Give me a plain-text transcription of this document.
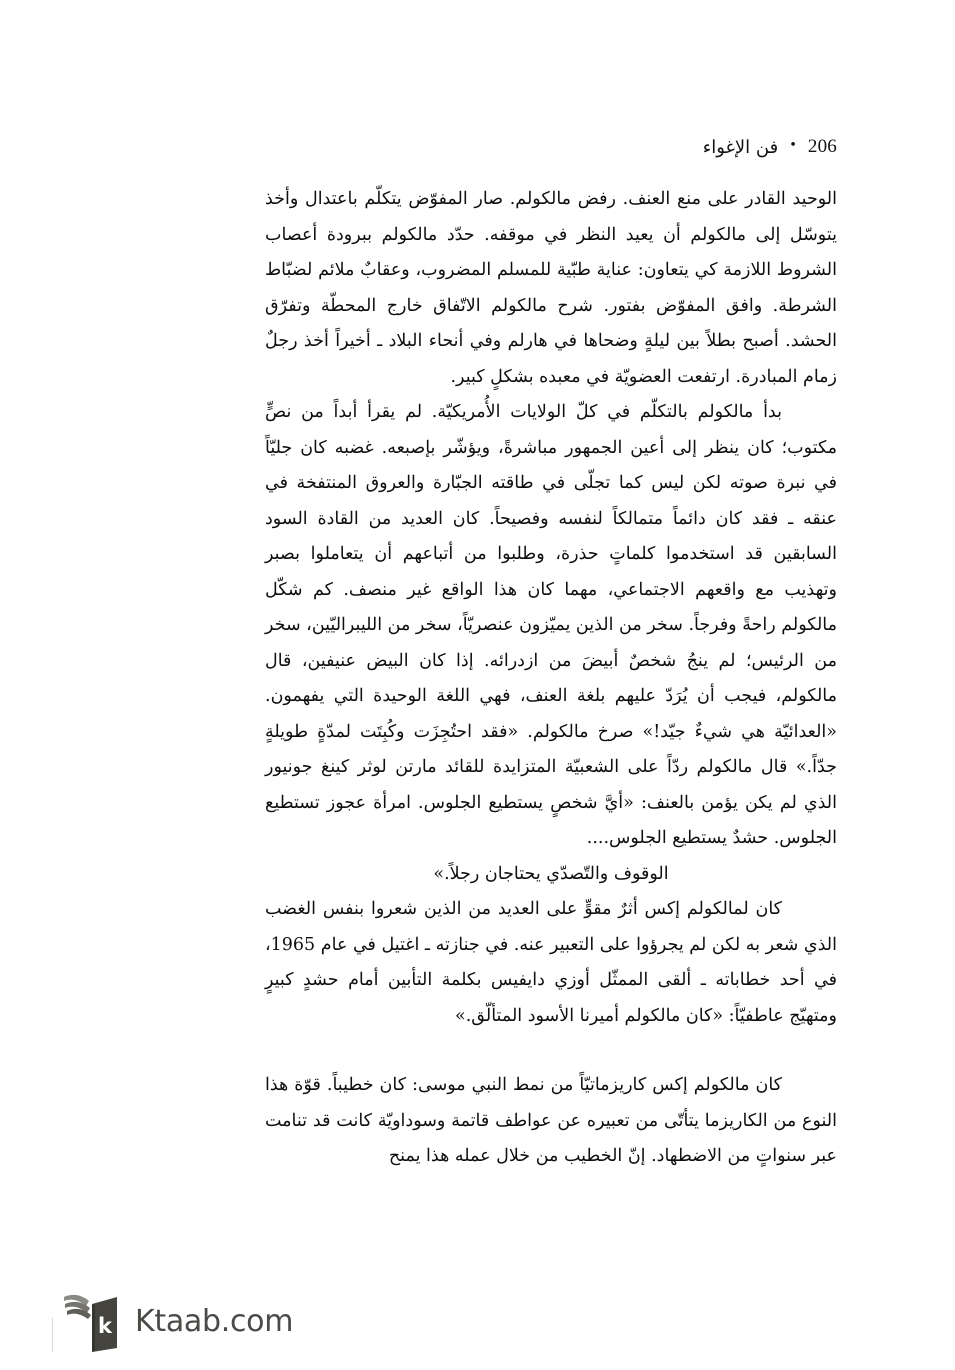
206
•
فن الإغواء

الوحيد القادر على منع العنف. رفض مالكولم. صار المفوّض يتكلّم باعتدال وأخذ يتوسّل إلى مالكولم أن يعيد النظر في موقفه. حدّد مالكولم ببرودة أعصاب الشروط اللازمة كي يتعاون: عناية طبّية للمسلم المضروب، وعقابٌ ملائم لضبّاط الشرطة. وافق المفوّض بفتور. شرح مالكولم الاتّفاق خارج المحطّة وتفرّق الحشد. أصبح بطلاً بين ليلةٍ وضحاها في هارلم وفي أنحاء البلاد ـ أخيراً أخذ رجلٌ زمام المبادرة. ارتفعت العضويّة في معبده بشكلٍ كبير.

بدأ مالكولم بالتكلّم في كلّ الولايات الأُمريكيّة. لم يقرأ أبداً من نصٍّ مكتوب؛ كان ينظر إلى أعين الجمهور مباشرةً، ويؤشّر بإصبعه. غضبه كان جليّاً في نبرة صوته لكن ليس كما تجلّى في طاقته الجبّارة والعروق المنتفخة في عنقه ـ فقد كان دائماً متمالكاً لنفسه وفصيحاً. كان العديد من القادة السود السابقين قد استخدموا كلماتٍ حذرة، وطلبوا من أتباعهم أن يتعاملوا بصبر وتهذيب مع واقعهم الاجتماعي، مهما كان هذا الواقع غير منصف. كم شكّل مالكولم راحةً وفرجاً. سخر من الذين يميّزون عنصريّاً، سخر من الليبراليّين، سخر من الرئيس؛ لم ينجُ شخصٌ أبيضَ من ازدرائه. إذا كان البيض عنيفين، قال مالكولم، فيجب أن يُرَدّ عليهم بلغة العنف، فهي اللغة الوحيدة التي يفهمون. «العدائيّة هي شيءٌ جيّد!» صرخ مالكولم. «فقد احتُجِزَت وكُبِتَت لمدّةٍ طويلةٍ جدّاً.» قال مالكولم ردّاً على الشعبيّة المتزايدة للقائد مارتن لوثر كينغ جونيور الذي لم يكن يؤمن بالعنف: «أيَّ شخصٍ يستطيع الجلوس. امرأة عجوز تستطيع الجلوس. حشدٌ يستطيع الجلوس....

الوقوف والتّصدّي يحتاجان رجلاً.»

كان لمالكولم إكس أثرٌ مقوٍّ على العديد من الذين شعروا بنفس الغضب الذي شعر به لكن لم يجرؤوا على التعبير عنه. في جنازته ـ اغتيل في عام 1965، في أحد خطاباته ـ ألقى الممثّل أوزي دايفيس بكلمة التأبين أمام حشدٍ كبيرٍ ومتهيّج عاطفيّاً: «كان مالكولم أميرنا الأسود المتألّق.»

كان مالكولم إكس كاريزماتيّاً من نمط النبي موسى: كان خطيباً. قوّة هذا النوع من الكاريزما يتأتّى من تعبيره عن عواطف قاتمة وسوداويّة كانت قد تنامت عبر سنواتٍ من الاضطهاد. إنّ الخطيب من خلال عمله هذا يمنح

k Ktaab.com
